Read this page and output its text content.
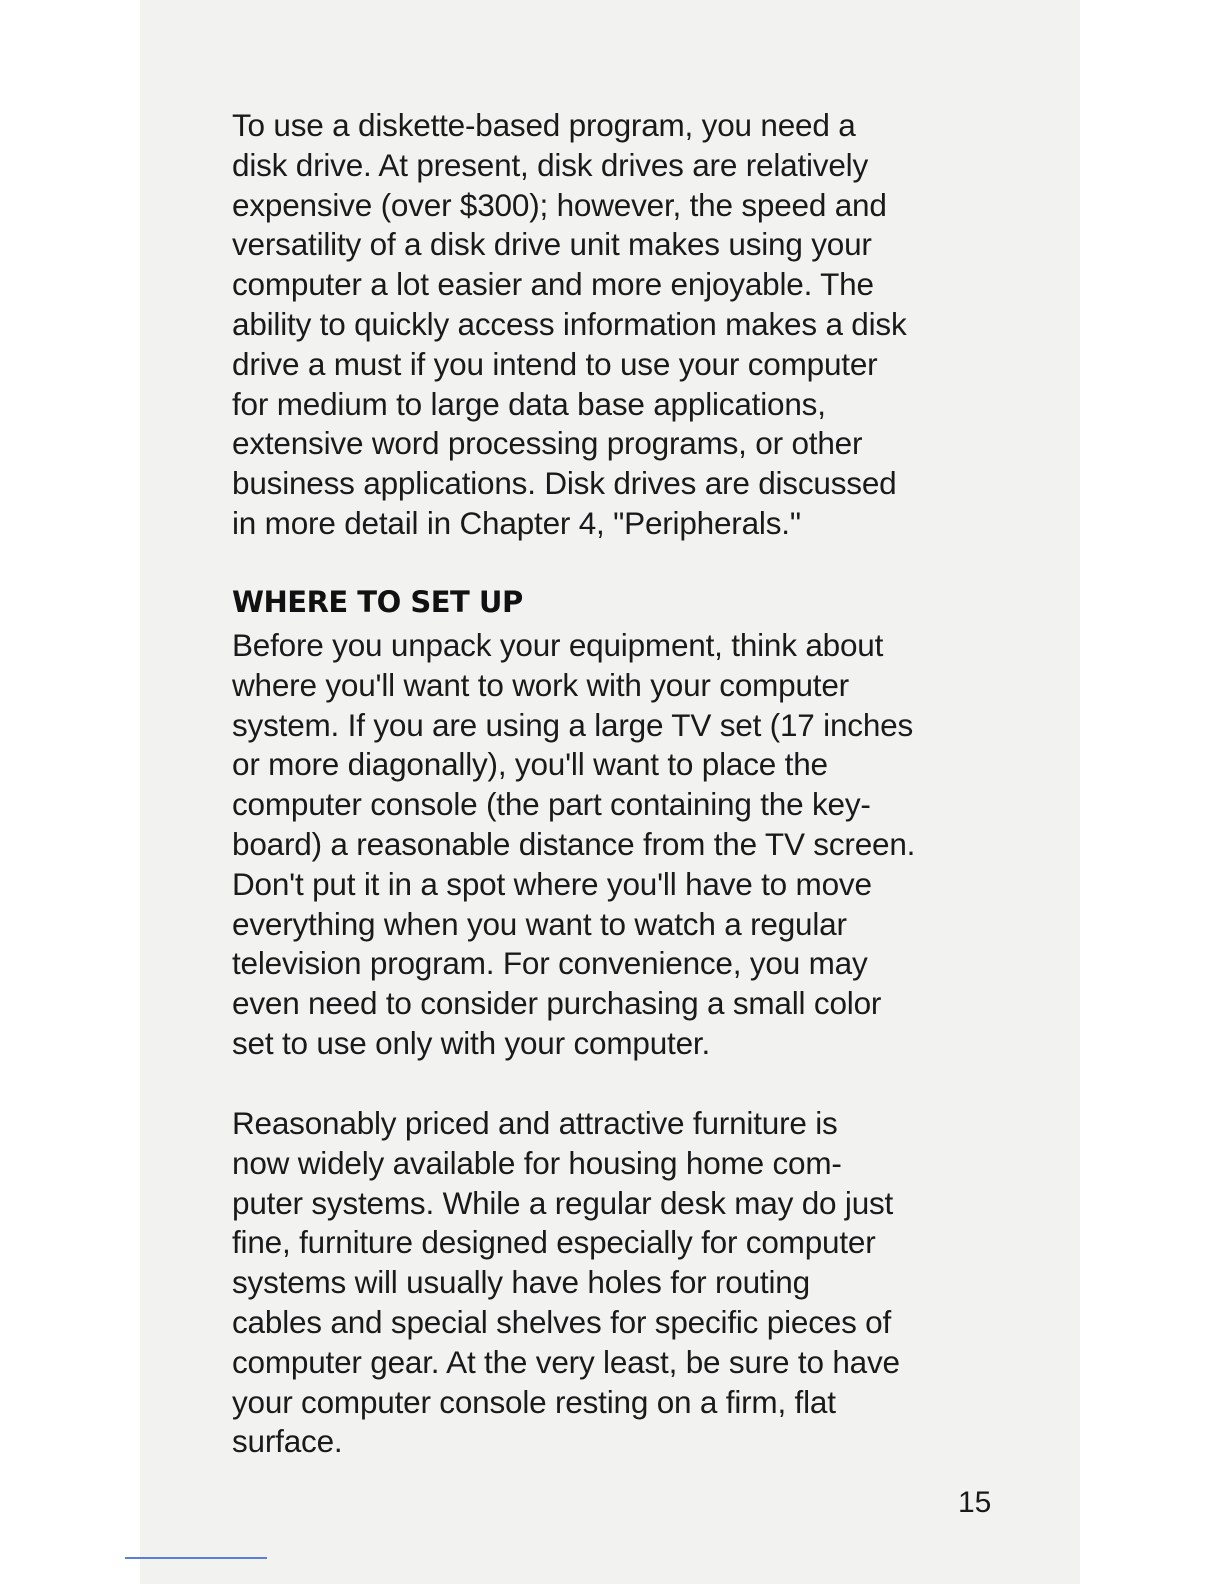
To use a diskette-based program, you need a
disk drive. At present, disk drives are relatively
expensive (over $300); however, the speed and
versatility of a disk drive unit makes using your
computer a lot easier and more enjoyable. The
ability to quickly access information makes a disk
drive a must if you intend to use your computer
for medium to large data base applications,
extensive word processing programs, or other
business applications. Disk drives are discussed
in more detail in Chapter 4, "Peripherals."
WHERE TO SET UP
Before you unpack your equipment, think about
where you'll want to work with your computer
system. If you are using a large TV set (17 inches
or more diagonally), you'll want to place the
computer console (the part containing the key-
board) a reasonable distance from the TV screen.
Don't put it in a spot where you'll have to move
everything when you want to watch a regular
television program. For convenience, you may
even need to consider purchasing a small color
set to use only with your computer.
Reasonably priced and attractive furniture is
now widely available for housing home com-
puter systems. While a regular desk may do just
fine, furniture designed especially for computer
systems will usually have holes for routing
cables and special shelves for specific pieces of
computer gear. At the very least, be sure to have
your computer console resting on a firm, flat
surface.
15
